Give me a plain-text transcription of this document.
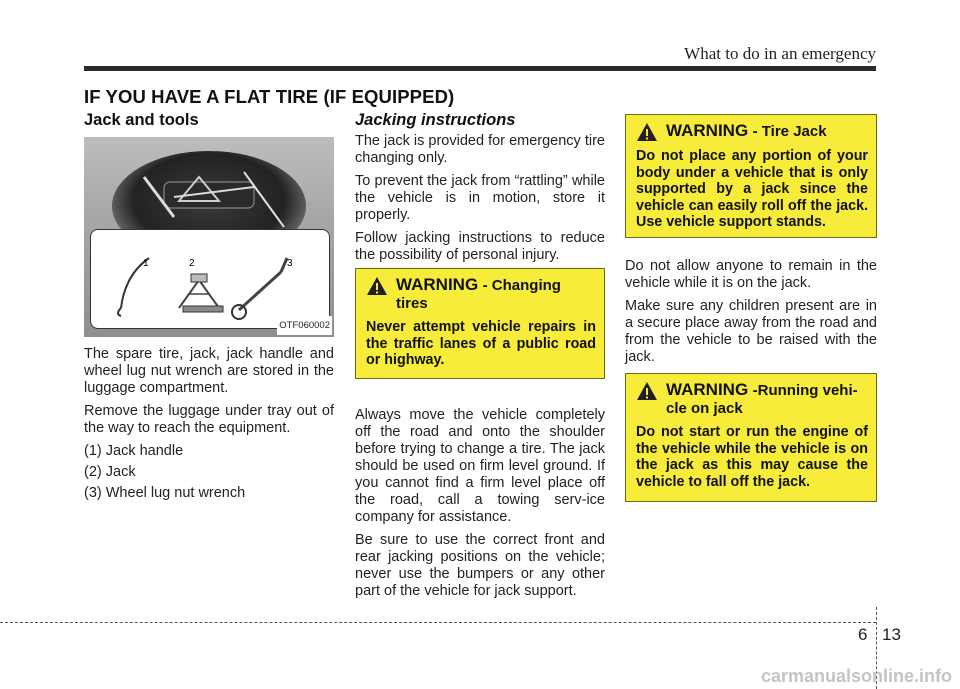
What to do in an emergency
IF YOU HAVE A FLAT TIRE (IF EQUIPPED)
Jack and tools
1	2	3
OTF060002

The spare tire, jack, jack handle and wheel lug nut wrench are stored in the luggage compartment.

Remove the luggage under tray out of the way to reach the equipment.

(1) Jack handle
(2) Jack
(3) Wheel lug nut wrench
Jacking instructions

The jack is provided for emergency tire changing only.

To prevent the jack from “rattling” while the vehicle is in motion, store it properly.

Follow jacking instructions to reduce the possibility of personal injury.

Always move the vehicle completely off the road and onto the shoulder before trying to change a tire. The jack should be used on firm level ground. If you cannot find a firm level place off the road, call a towing serv-ice company for assistance.

Be sure to use the correct front and rear jacking positions on the vehicle; never use the bumpers or any other part of the vehicle for jack support.

WARNING - Changing tires
Never attempt vehicle repairs in the traffic lanes of a public road or highway.
WARNING - Tire Jack
Do not place any portion of your body under a vehicle that is only supported by a jack since the vehicle can easily roll off the jack. Use vehicle support stands.

Do not allow anyone to remain in the vehicle while it is on the jack.

Make sure any children present are in a secure place away from the road and from the vehicle to be raised with the jack.

WARNING -Running vehi-cle on jack
Do not start or run the engine of the vehicle while the vehicle is on the jack as this may cause the vehicle to fall off the jack.
6 13
carmanualsonline.info
